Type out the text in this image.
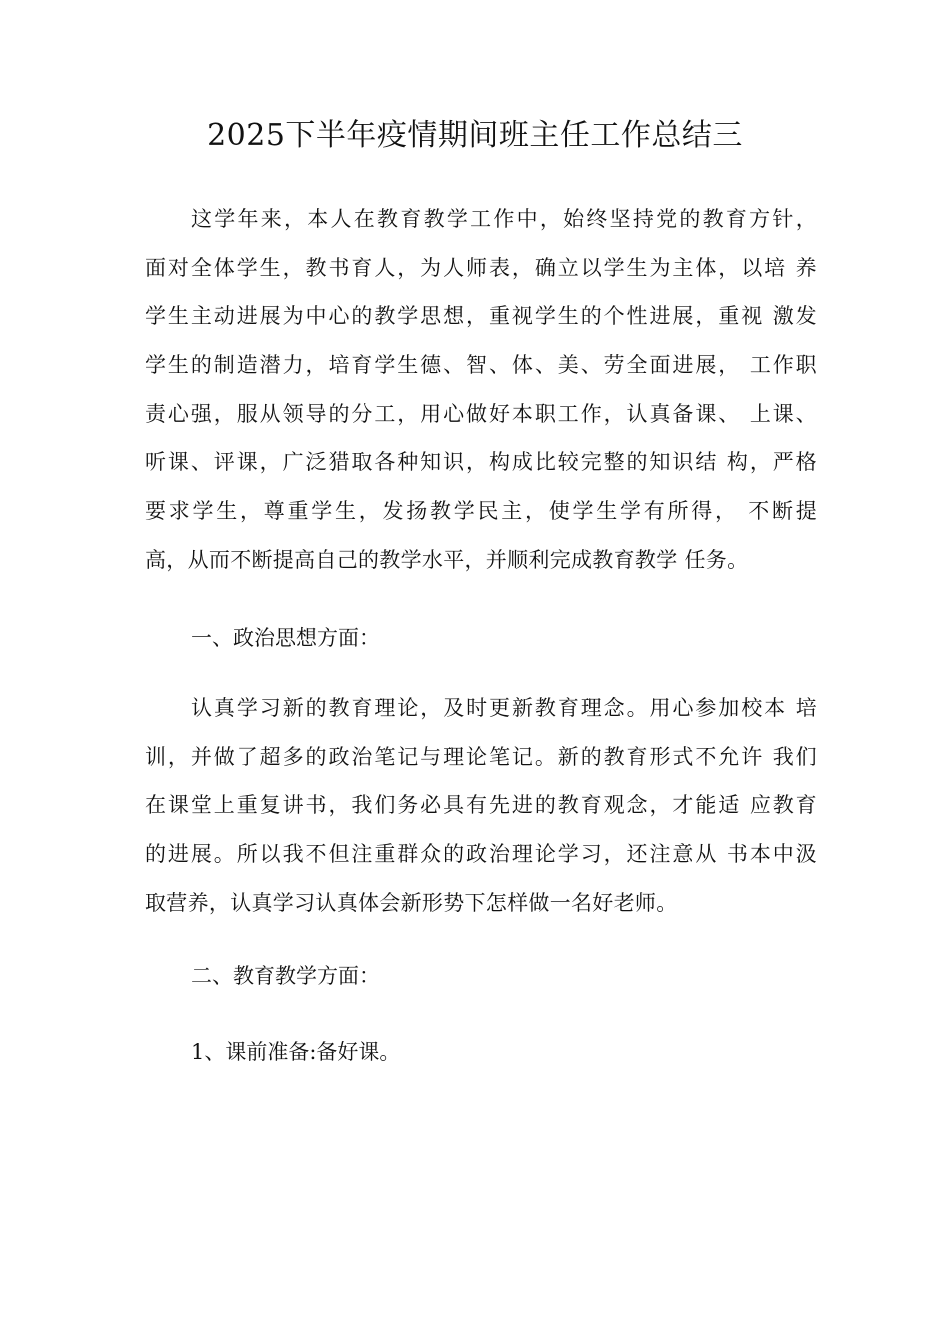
2025下半年疫情期间班主任工作总结三
这学年来，本人在教育教学工作中，始终坚持党的教育方针，
面对全体学生，教书育人，为人师表，确立以学生为主体，以培 养
学生主动进展为中心的教学思想，重视学生的个性进展，重视 激发
学生的制造潜力，培育学生德、智、体、美、劳全面进展， 工作职
责心强，服从领导的分工，用心做好本职工作，认真备课、 上课、
听课、评课，广泛猎取各种知识，构成比较完整的知识结 构，严格
要求学生，尊重学生，发扬教学民主，使学生学有所得， 不断提
高，从而不断提高自己的教学水平，并顺利完成教育教学 任务。
一、政治思想方面：
认真学习新的教育理论，及时更新教育理念。用心参加校本 培
训，并做了超多的政治笔记与理论笔记。新的教育形式不允许 我们
在课堂上重复讲书，我们务必具有先进的教育观念，才能适 应教育
的进展。所以我不但注重群众的政治理论学习，还注意从 书本中汲
取营养，认真学习认真体会新形势下怎样做一名好老师。
二、教育教学方面：
1、课前准备:备好课。
